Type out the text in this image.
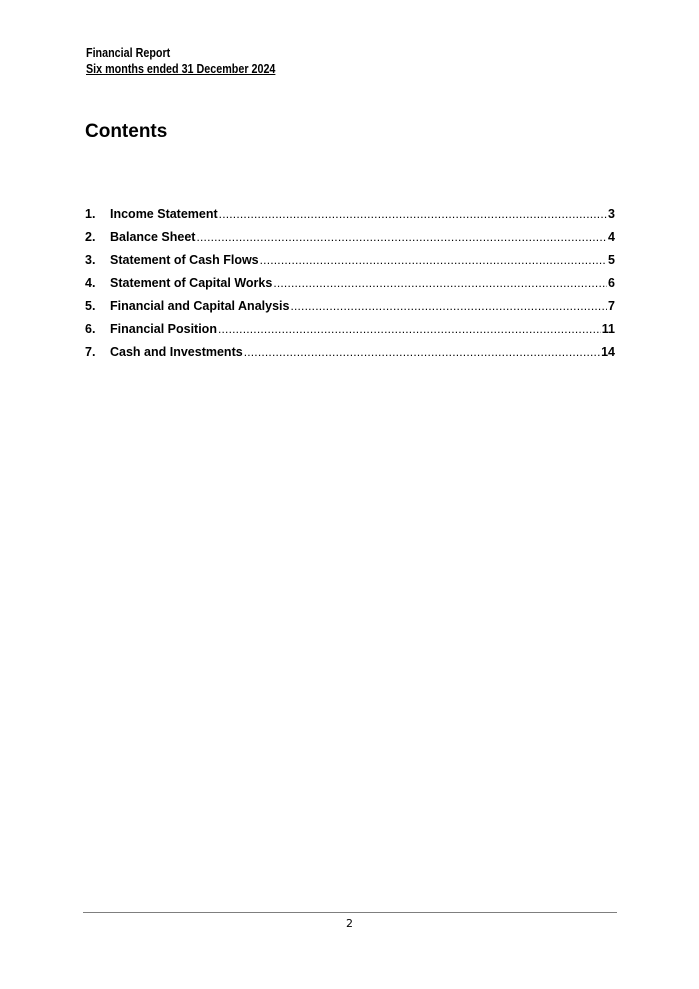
Financial Report
Six months ended 31 December 2024
Contents
1.	Income Statement .....	3
2.	Balance Sheet .....	4
3.	Statement of Cash Flows .....	5
4.	Statement of Capital Works .....	6
5.	Financial and Capital Analysis .....	7
6.	Financial Position .....	11
7.	Cash and Investments .....	14
2
